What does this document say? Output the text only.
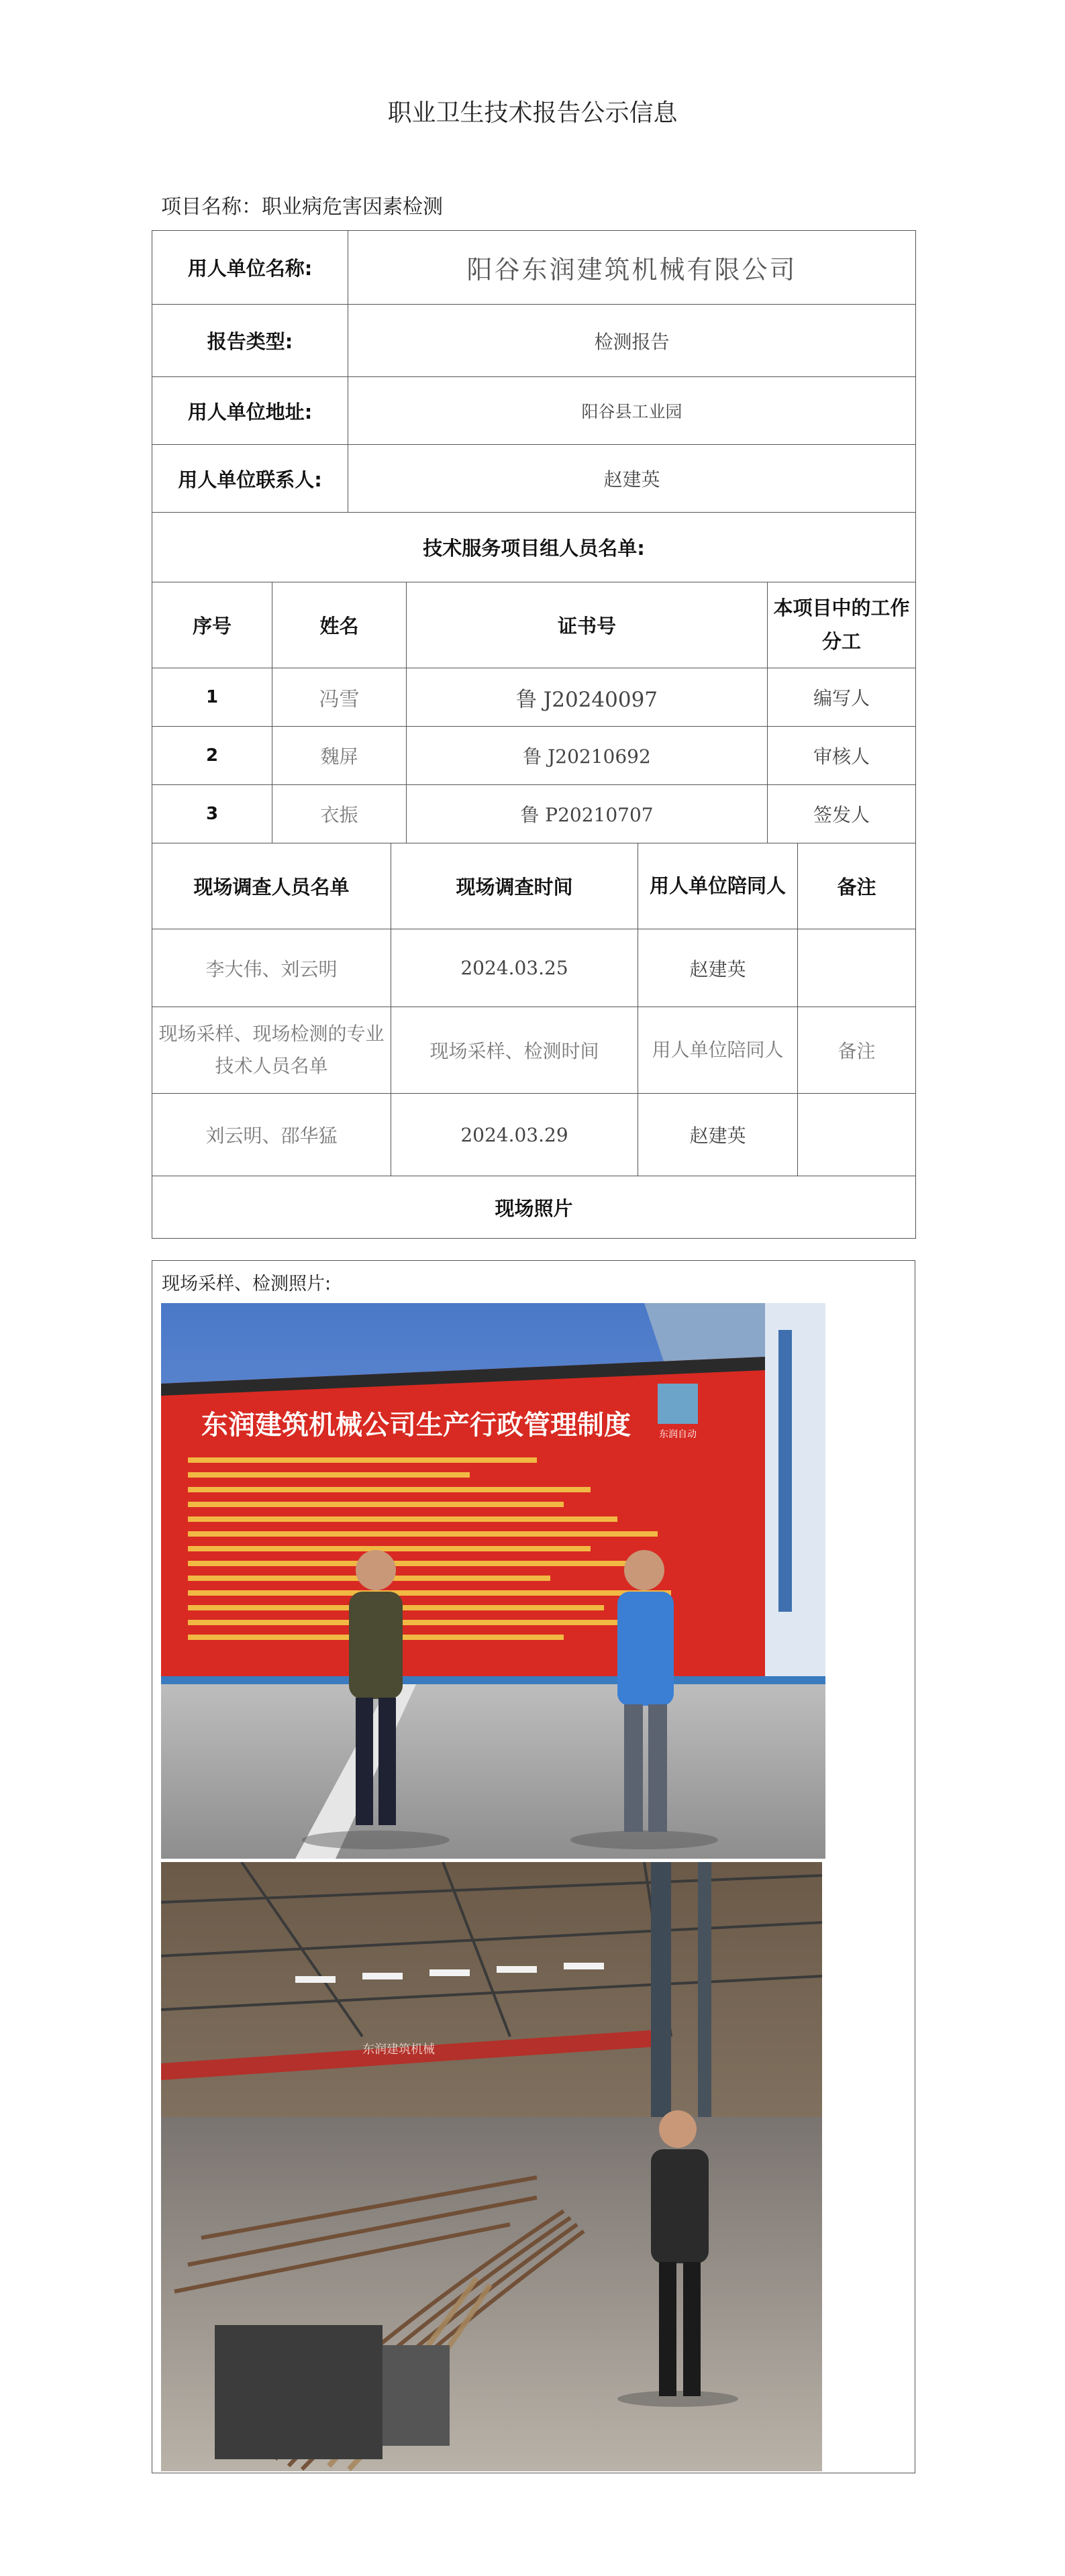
职业卫生技术报告公示信息
项目名称：职业病危害因素检测
用人单位名称:	阳谷东润建筑机械有限公司
报告类型:	检测报告
用人单位地址:	阳谷县工业园
用人单位联系人:	赵建英
技术服务项目组人员名单:	
序号	姓名	证书号	本项目中的工作分工
1	冯雪	鲁 J20240097	编写人
2	魏屏	鲁 J20210692	审核人
3	衣振	鲁 P20210707	签发人
现场调查人员名单	现场调查时间	用人单位陪同人	备注
李大伟、刘云明	2024.03.25	赵建英	
现场采样、现场检测的专业技术人员名单	现场采样、检测时间	用人单位陪同人	备注
刘云明、邵华猛	2024.03.29	赵建英	
现场照片			
现场采样、检测照片:
东润自动
东润建筑机械公司生产行政管理制度
东润建筑机械
